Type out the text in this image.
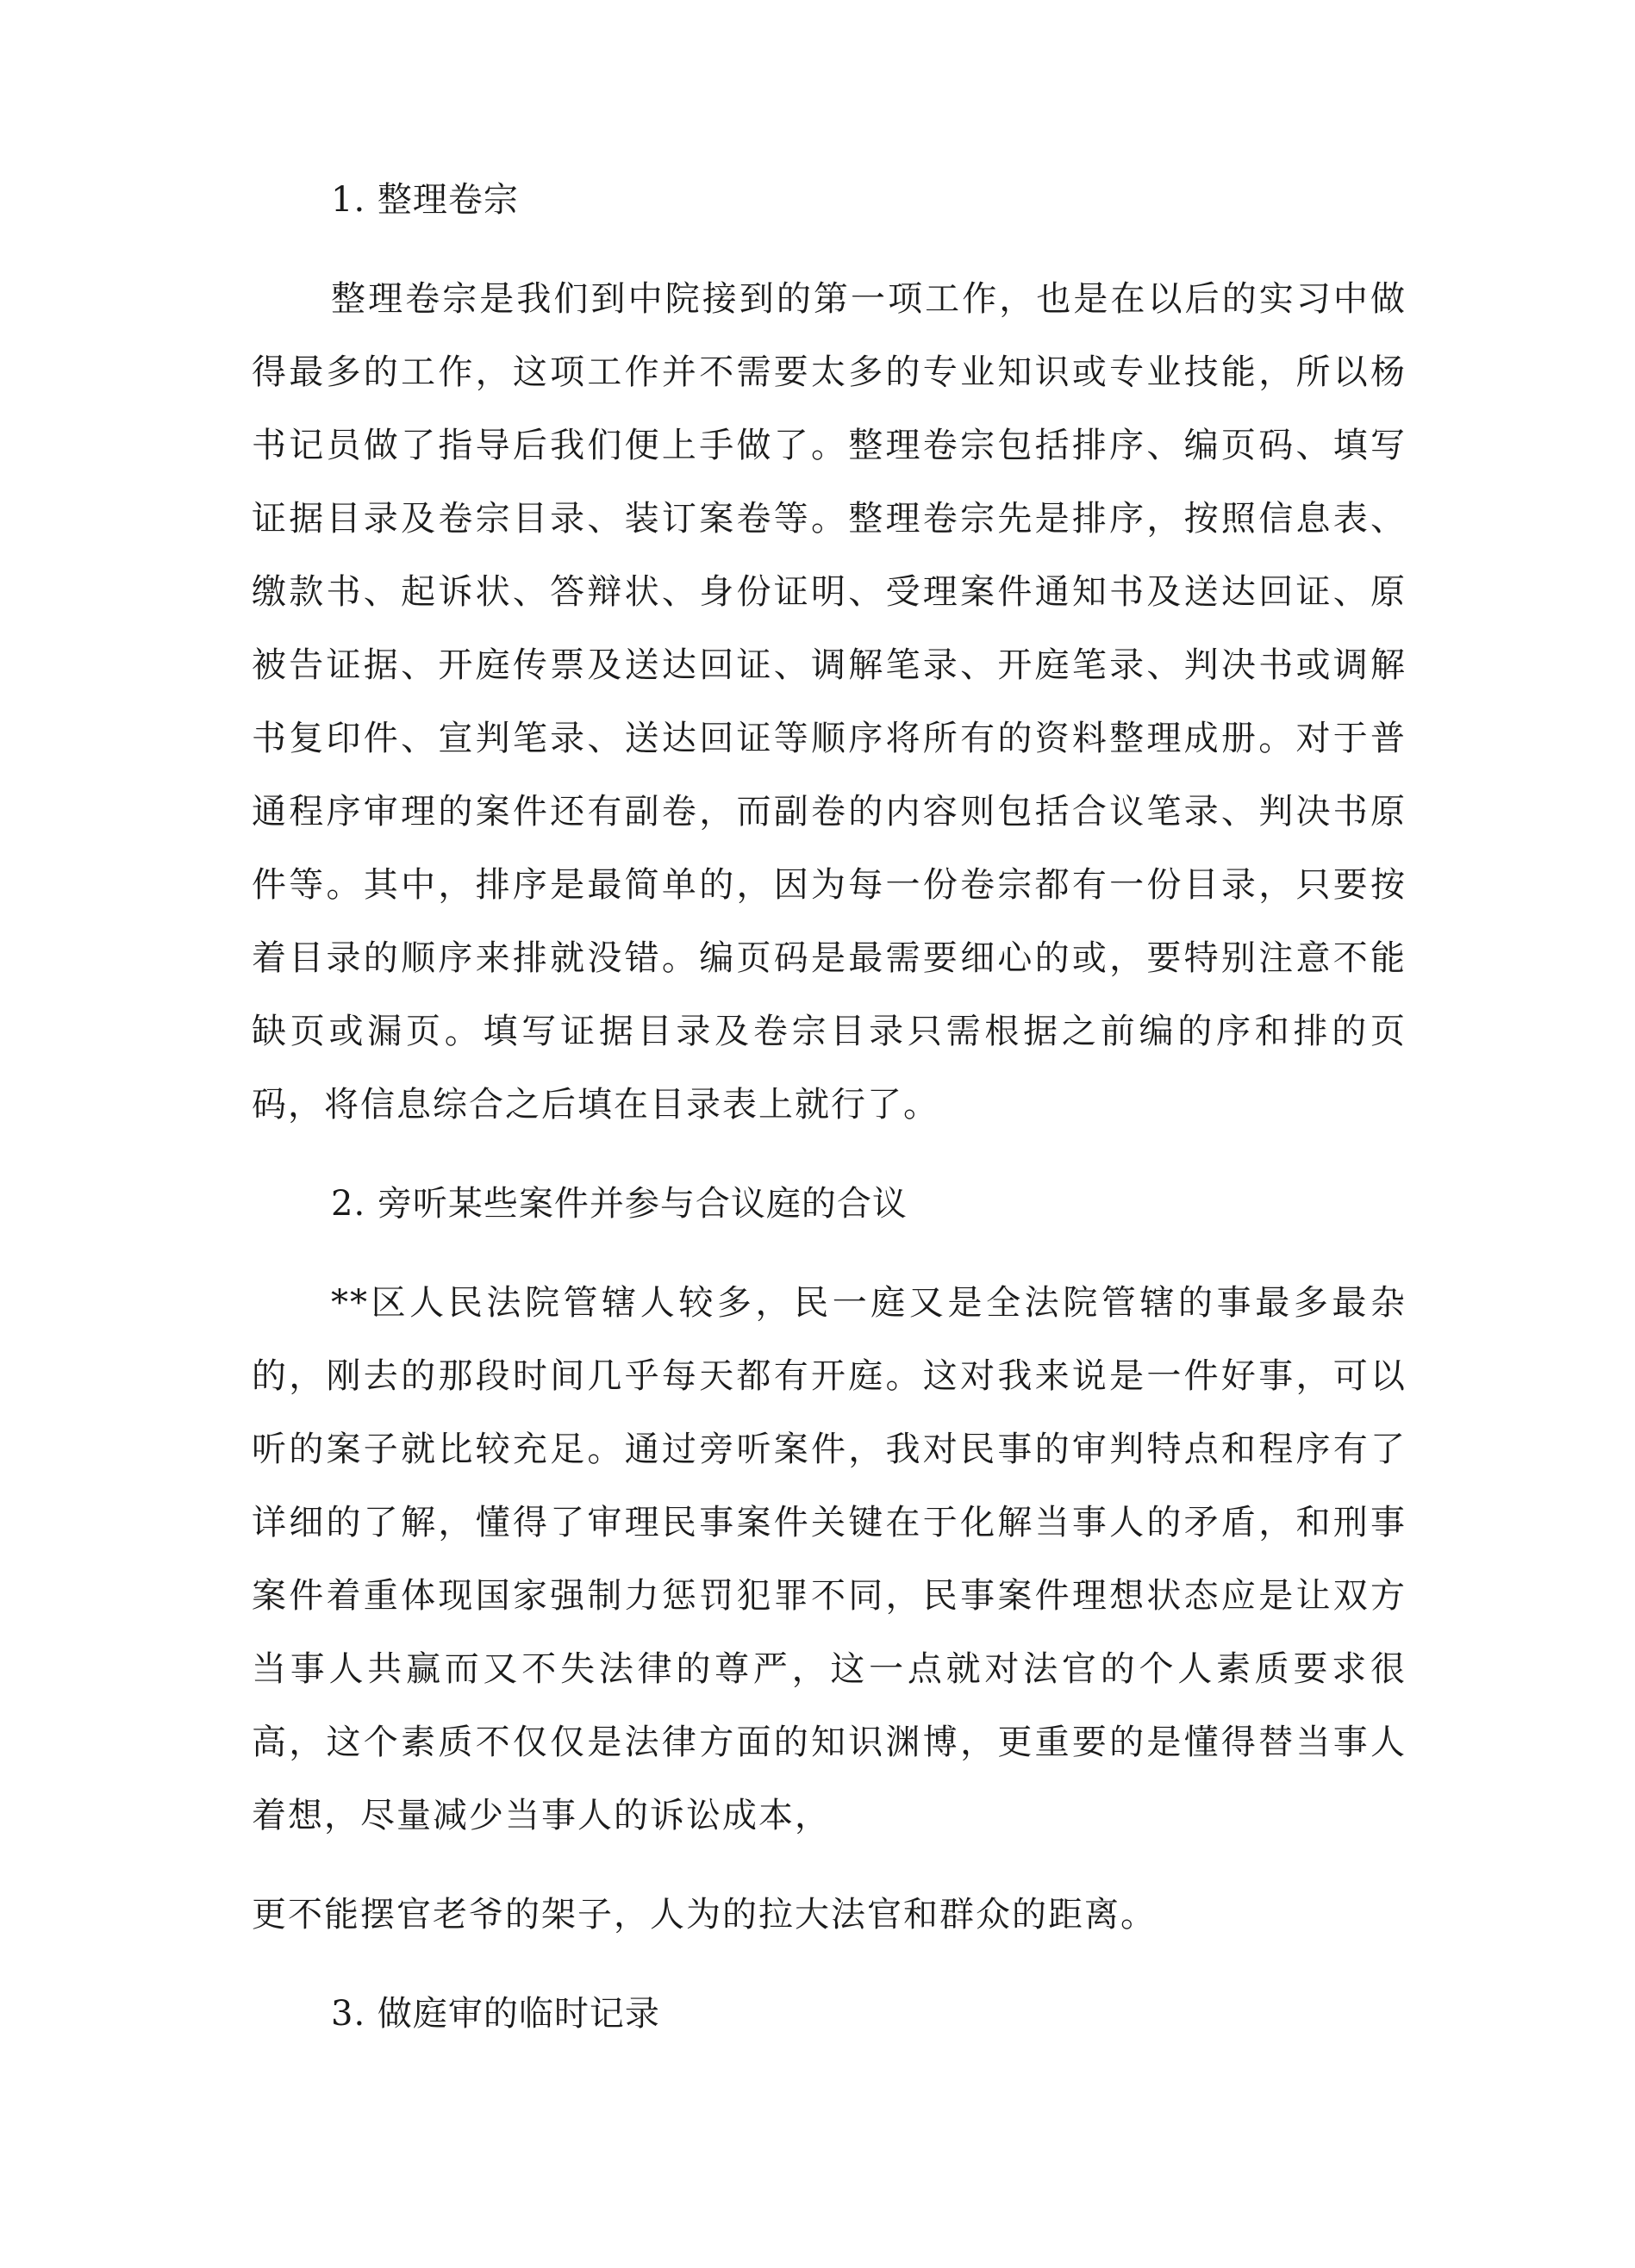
1. 整理卷宗

整理卷宗是我们到中院接到的第一项工作，也是在以后的实习中做得最多的工作，这项工作并不需要太多的专业知识或专业技能，所以杨书记员做了指导后我们便上手做了。整理卷宗包括排序、编页码、填写证据目录及卷宗目录、装订案卷等。整理卷宗先是排序，按照信息表、缴款书、起诉状、答辩状、身份证明、受理案件通知书及送达回证、原被告证据、开庭传票及送达回证、调解笔录、开庭笔录、判决书或调解书复印件、宣判笔录、送达回证等顺序将所有的资料整理成册。对于普通程序审理的案件还有副卷，而副卷的内容则包括合议笔录、判决书原件等。其中，排序是最简单的，因为每一份卷宗都有一份目录，只要按着目录的顺序来排就没错。编页码是最需要细心的或，要特别注意不能缺页或漏页。填写证据目录及卷宗目录只需根据之前编的序和排的页码，将信息综合之后填在目录表上就行了。

2. 旁听某些案件并参与合议庭的合议

**区人民法院管辖人较多，民一庭又是全法院管辖的事最多最杂的，刚去的那段时间几乎每天都有开庭。这对我来说是一件好事，可以听的案子就比较充足。通过旁听案件，我对民事的审判特点和程序有了详细的了解，懂得了审理民事案件关键在于化解当事人的矛盾，和刑事案件着重体现国家强制力惩罚犯罪不同，民事案件理想状态应是让双方当事人共赢而又不失法律的尊严，这一点就对法官的个人素质要求很高，这个素质不仅仅是法律方面的知识渊博，更重要的是懂得替当事人着想，尽量减少当事人的诉讼成本，

更不能摆官老爷的架子，人为的拉大法官和群众的距离。

3. 做庭审的临时记录
